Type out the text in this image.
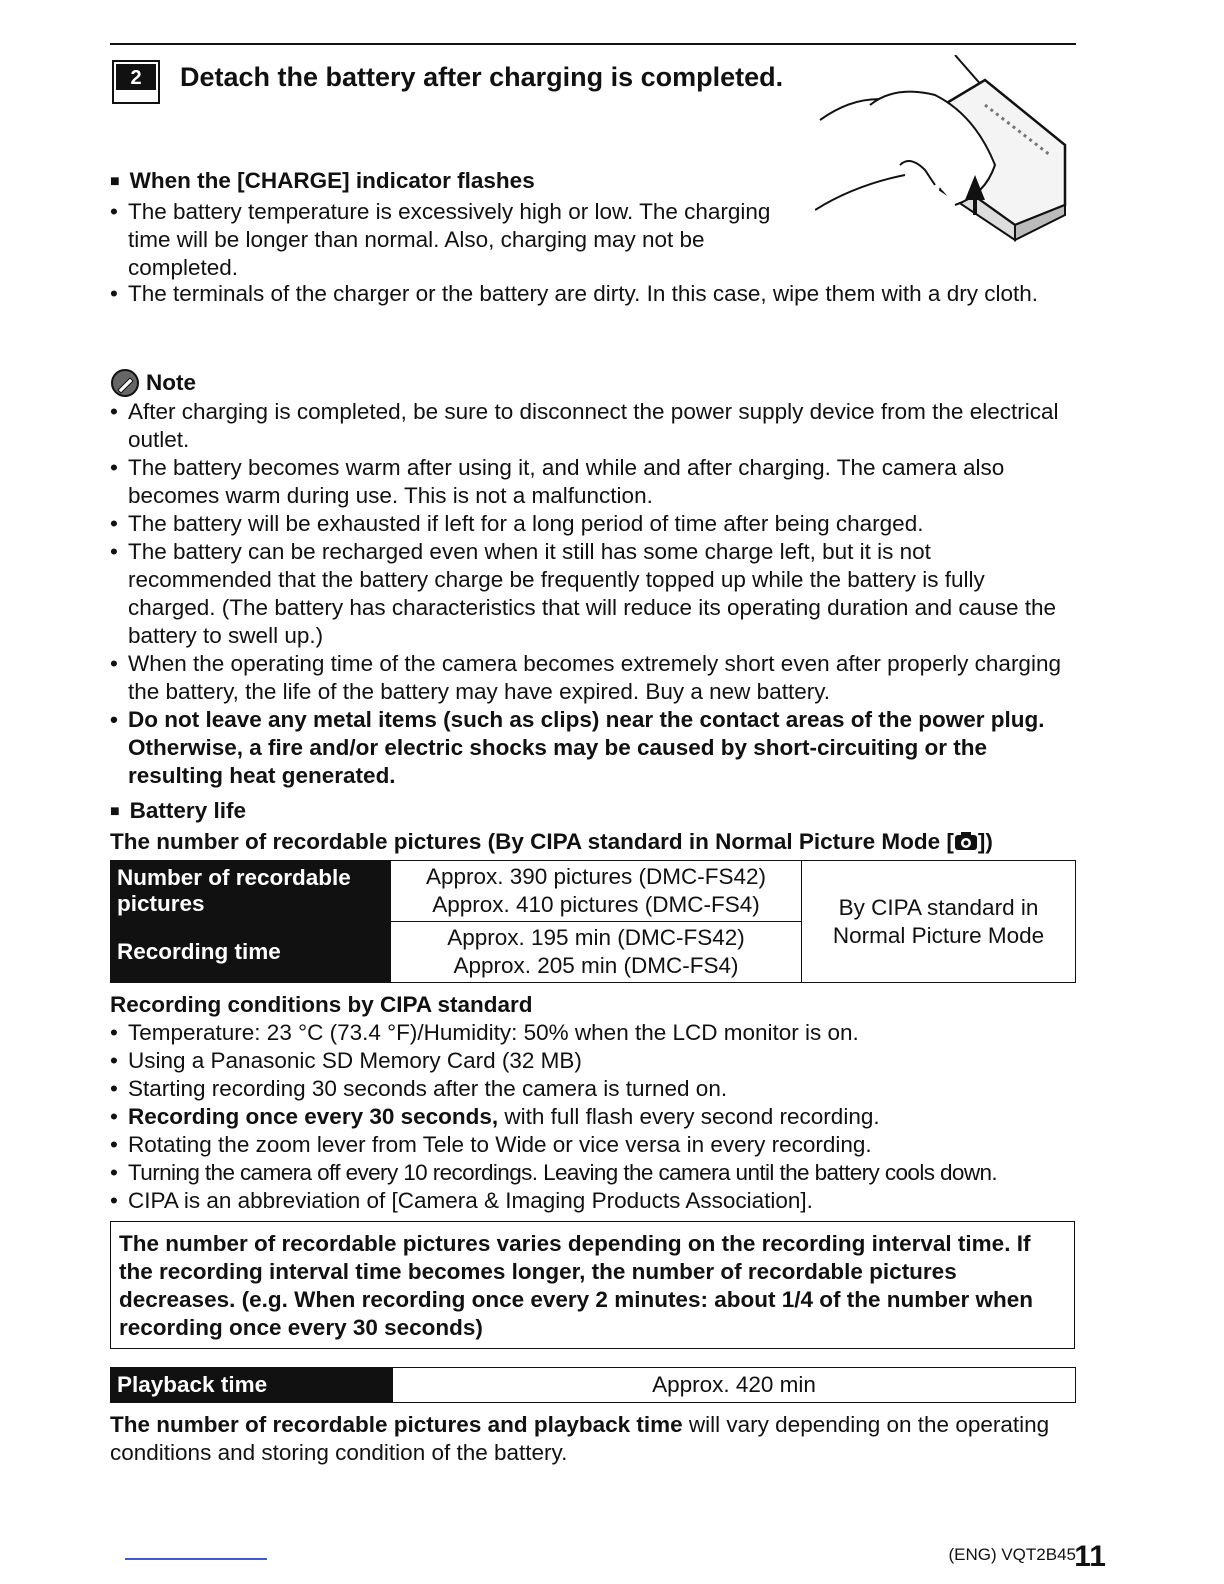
2 Detach the battery after charging is completed.
■ When the [CHARGE] indicator flashes
• The battery temperature is excessively high or low. The charging time will be longer than normal. Also, charging may not be completed.
• The terminals of the charger or the battery are dirty. In this case, wipe them with a dry cloth.
Note
• After charging is completed, be sure to disconnect the power supply device from the electrical outlet.
• The battery becomes warm after using it, and while and after charging. The camera also becomes warm during use. This is not a malfunction.
• The battery will be exhausted if left for a long period of time after being charged.
• The battery can be recharged even when it still has some charge left, but it is not recommended that the battery charge be frequently topped up while the battery is fully charged. (The battery has characteristics that will reduce its operating duration and cause the battery to swell up.)
• When the operating time of the camera becomes extremely short even after properly charging the battery, the life of the battery may have expired. Buy a new battery.
• Do not leave any metal items (such as clips) near the contact areas of the power plug. Otherwise, a fire and/or electric shocks may be caused by short-circuiting or the resulting heat generated.
■ Battery life
The number of recordable pictures (By CIPA standard in Normal Picture Mode [ ])
Number of recordable pictures	Approx. 390 pictures (DMC-FS42)
Approx. 410 pictures (DMC-FS4)	By CIPA standard in Normal Picture Mode
Recording time	Approx. 195 min (DMC-FS42)
Approx. 205 min (DMC-FS4)	
Recording conditions by CIPA standard
• Temperature: 23 °C (73.4 °F)/Humidity: 50% when the LCD monitor is on.
• Using a Panasonic SD Memory Card (32 MB)
• Starting recording 30 seconds after the camera is turned on.
• Recording once every 30 seconds, with full flash every second recording.
• Rotating the zoom lever from Tele to Wide or vice versa in every recording.
• Turning the camera off every 10 recordings. Leaving the camera until the battery cools down.
• CIPA is an abbreviation of [Camera & Imaging Products Association].
The number of recordable pictures varies depending on the recording interval time. If the recording interval time becomes longer, the number of recordable pictures decreases. (e.g. When recording once every 2 minutes: about 1/4 of the number when recording once every 30 seconds)
Playback time	Approx. 420 min
The number of recordable pictures and playback time will vary depending on the operating conditions and storing condition of the battery.
(ENG) VQT2B45
11
